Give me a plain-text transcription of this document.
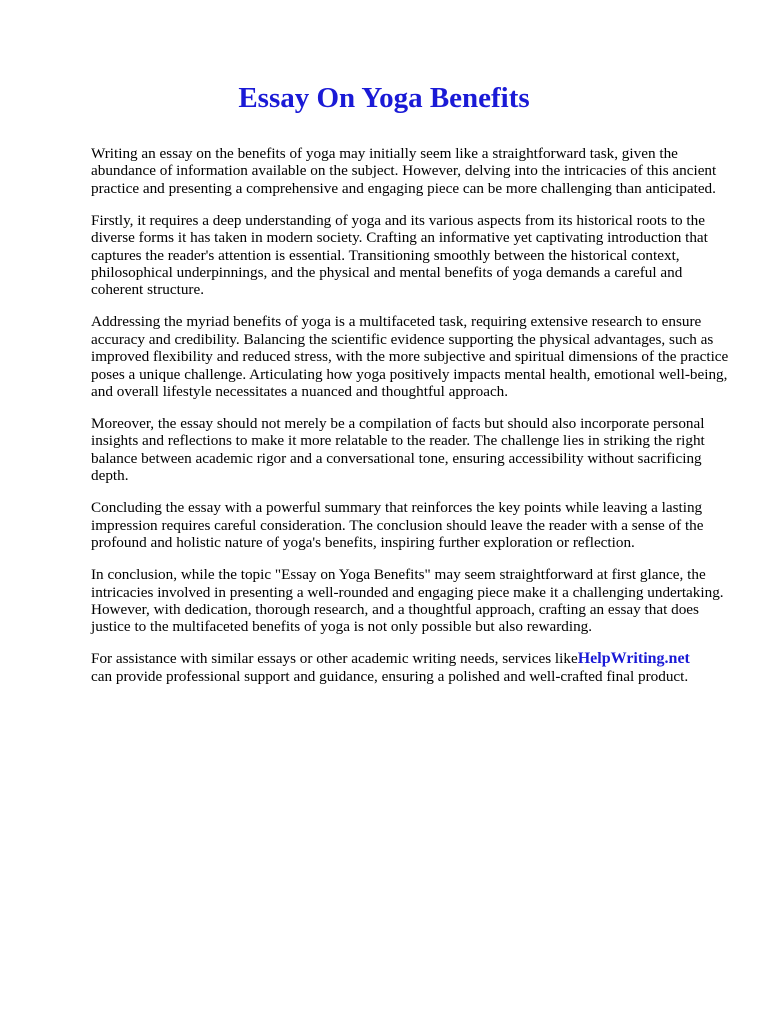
Essay On Yoga Benefits

Writing an essay on the benefits of yoga may initially seem like a straightforward task, given the abundance of information available on the subject. However, delving into the intricacies of this ancient practice and presenting a comprehensive and engaging piece can be more challenging than anticipated.

Firstly, it requires a deep understanding of yoga and its various aspects from its historical roots to the diverse forms it has taken in modern society. Crafting an informative yet captivating introduction that captures the reader's attention is essential. Transitioning smoothly between the historical context, philosophical underpinnings, and the physical and mental benefits of yoga demands a careful and coherent structure.

Addressing the myriad benefits of yoga is a multifaceted task, requiring extensive research to ensure accuracy and credibility. Balancing the scientific evidence supporting the physical advantages, such as improved flexibility and reduced stress, with the more subjective and spiritual dimensions of the practice poses a unique challenge. Articulating how yoga positively impacts mental health, emotional well-being, and overall lifestyle necessitates a nuanced and thoughtful approach.

Moreover, the essay should not merely be a compilation of facts but should also incorporate personal insights and reflections to make it more relatable to the reader. The challenge lies in striking the right balance between academic rigor and a conversational tone, ensuring accessibility without sacrificing depth.

Concluding the essay with a powerful summary that reinforces the key points while leaving a lasting impression requires careful consideration. The conclusion should leave the reader with a sense of the profound and holistic nature of yoga's benefits, inspiring further exploration or reflection.

In conclusion, while the topic "Essay on Yoga Benefits" may seem straightforward at first glance, the intricacies involved in presenting a well-rounded and engaging piece make it a challenging undertaking. However, with dedication, thorough research, and a thoughtful approach, crafting an essay that does justice to the multifaceted benefits of yoga is not only possible but also rewarding.

For assistance with similar essays or other academic writing needs, services likeHelpWriting.net
can provide professional support and guidance, ensuring a polished and well-crafted final product.
